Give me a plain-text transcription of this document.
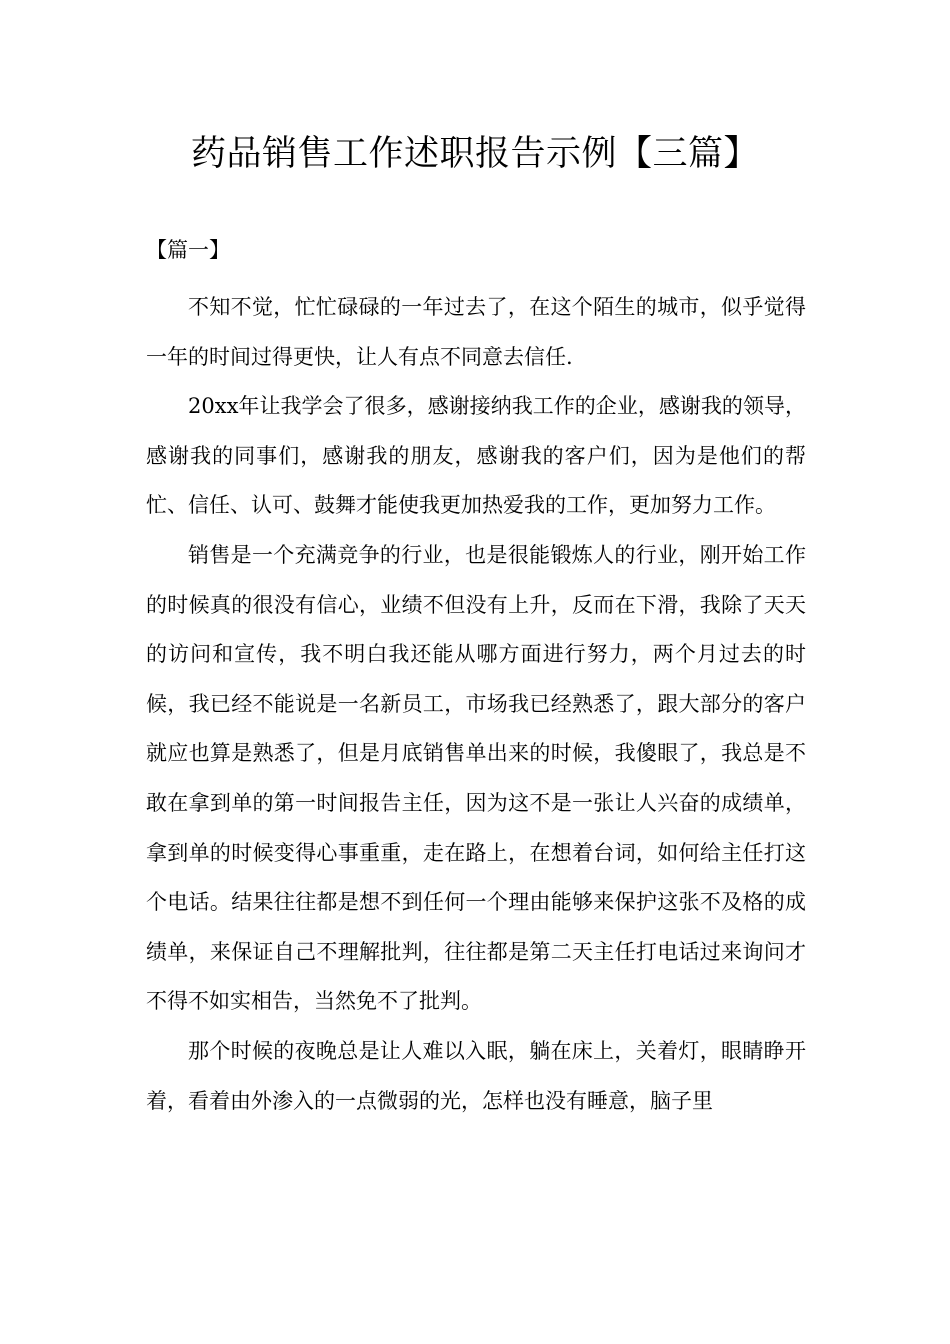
药品销售工作述职报告示例【三篇】
【篇一】

不知不觉，忙忙碌碌的一年过去了，在这个陌生的城市，似乎觉得一年的时间过得更快，让人有点不同意去信任.

20xx年让我学会了很多，感谢接纳我工作的企业，感谢我的领导，感谢我的同事们，感谢我的朋友，感谢我的客户们，因为是他们的帮忙、信任、认可、鼓舞才能使我更加热爱我的工作，更加努力工作。

销售是一个充满竞争的行业，也是很能锻炼人的行业，刚开始工作的时候真的很没有信心，业绩不但没有上升，反而在下滑，我除了天天的访问和宣传，我不明白我还能从哪方面进行努力，两个月过去的时候，我已经不能说是一名新员工，市场我已经熟悉了，跟大部分的客户就应也算是熟悉了，但是月底销售单出来的时候，我傻眼了，我总是不敢在拿到单的第一时间报告主任，因为这不是一张让人兴奋的成绩单，拿到单的时候变得心事重重，走在路上，在想着台词，如何给主任打这个电话。结果往往都是想不到任何一个理由能够来保护这张不及格的成绩单，来保证自己不理解批判，往往都是第二天主任打电话过来询问才不得不如实相告，当然免不了批判。

那个时候的夜晚总是让人难以入眠，躺在床上，关着灯，眼睛睁开着，看着由外渗入的一点微弱的光，怎样也没有睡意，脑子里
